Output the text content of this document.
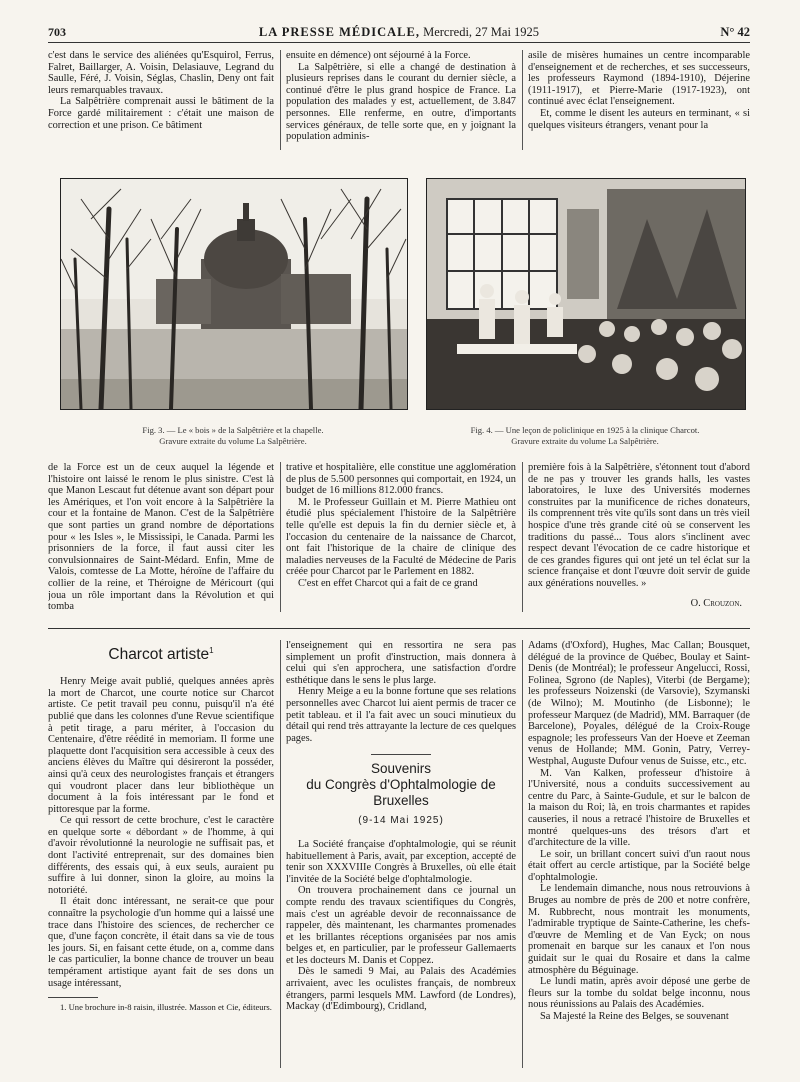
703	LA PRESSE MÉDICALE, Mercredi, 27 Mai 1925	N° 42

c'est dans le service des aliénées qu'Esquirol, Ferrus, Falret, Baillarger, A. Voisin, Delasiauve, Legrand du Saulle, Féré, J. Voisin, Séglas, Chaslin, Deny ont fait leurs remarquables travaux.

La Salpêtrière comprenait aussi le bâtiment de la Force gardé militairement : c'était une maison de correction et une prison. Ce bâtiment

ensuite en démence) ont séjourné à la Force.

La Salpêtrière, si elle a changé de destination à plusieurs reprises dans le courant du dernier siècle, a continué d'être le plus grand hospice de France. La population des malades y est, actuellement, de 3.847 personnes. Elle renferme, en outre, d'importants services généraux, de telle sorte que, en y joignant la population adminis-

asile de misères humaines un centre incomparable d'enseignement et de recherches, et ses successeurs, les professeurs Raymond (1894-1910), Déjerine (1911-1917), et Pierre-Marie (1917-1923), ont continué avec éclat l'enseignement.

Et, comme le disent les auteurs en terminant, « si quelques visiteurs étrangers, venant pour la

Fig. 3. — Le « bois » de la Salpêtrière et la chapelle.
Gravure extraite du volume La Salpêtrière.
Fig. 4. — Une leçon de policlinique en 1925 à la clinique Charcot.
Gravure extraite du volume La Salpêtrière.

de la Force est un de ceux auquel la légende et l'histoire ont laissé le renom le plus sinistre. C'est là que Manon Lescaut fut détenue avant son départ pour les Amériques, et l'on voit encore à la Salpêtrière la cour et la fontaine de Manon. C'est de la Salpêtrière que sont parties un grand nombre de déportations pour « les Isles », le Mississipi, le Canada. Parmi les prisonniers de la force, il faut aussi citer les convulsionnaires de Saint-Médard. Enfin, Mme de Valois, comtesse de La Motte, héroïne de l'affaire du collier de la reine, et Théroigne de Méricourt (qui joua un rôle important dans la Révolution et qui tomba

trative et hospitalière, elle constitue une agglomération de plus de 5.500 personnes qui comportait, en 1924, un budget de 16 millions 812.000 francs.

M. le Professeur Guillain et M. Pierre Mathieu ont étudié plus spécialement l'histoire de la Salpêtrière telle qu'elle est depuis la fin du dernier siècle et, à l'occasion du centenaire de la naissance de Charcot, ont fait l'historique de la chaire de clinique des maladies nerveuses de la Faculté de Médecine de Paris créée pour Charcot par le Parlement en 1882.

C'est en effet Charcot qui a fait de ce grand

première fois à la Salpêtrière, s'étonnent tout d'abord de ne pas y trouver les grands halls, les vastes laboratoires, le luxe des Universités modernes construites par la munificence de riches donateurs, ils comprennent très vite qu'ils sont dans un très vieil hospice d'une très grande cité où se conservent les traditions du passé... Tous alors s'inclinent avec respect devant l'évocation de ce cadre historique et de ces grandes figures qui ont jeté un tel éclat sur la science française et dont l'œuvre doit servir de guide aux générations nouvelles. »

O. Crouzon.
Charcot artiste$^1$

Henry Meige avait publié, quelques années après la mort de Charcot, une courte notice sur Charcot artiste. Ce petit travail peu connu, puisqu'il n'a été publié que dans les colonnes d'une Revue scientifique à petit tirage, a paru mériter, à l'occasion du Centenaire, d'être réédité in memoriam. Il forme une plaquette dont l'acquisition sera accessible à ceux des anciens élèves du Maître qui désireront la posséder, ainsi qu'à ceux des neurologistes français et étrangers qui voudront placer dans leur bibliothèque un document à la fois intéressant par le fond et pittoresque par la forme.

Ce qui ressort de cette brochure, c'est le caractère en quelque sorte « débordant » de l'homme, à qui d'avoir révolutionné la neurologie ne suffisait pas, et dont l'activité entreprenait, sur des domaines bien différents, des essais qui, à eux seuls, auraient pu suffire à lui donner, sinon la gloire, au moins la notoriété.

Il était donc intéressant, ne serait-ce que pour connaître la psychologie d'un homme qui a laissé une trace dans l'histoire des sciences, de rechercher ce que, d'une façon concrète, il était dans sa vie de tous les jours. Si, en faisant cette étude, on a, comme dans le cas particulier, la bonne chance de trouver un beau tempérament artistique ayant fait de ses dons un usage intéressant,

1. Une brochure in-8 raisin, illustrée. Masson et Cie, éditeurs.

l'enseignement qui en ressortira ne sera pas simplement un profit d'instruction, mais donnera à celui qui s'en approchera, une satisfaction d'ordre esthétique dans le sens le plus large.

Henry Meige a eu la bonne fortune que ses relations personnelles avec Charcot lui aient permis de tracer ce petit tableau. et il l'a fait avec un souci minutieux du détail qui rend très attrayante la lecture de ces quelques pages.

Souvenirs
du Congrès d'Ophtalmologie de Bruxelles
(9-14 Mai 1925)

La Société française d'ophtalmologie, qui se réunit habituellement à Paris, avait, par exception, accepté de tenir son XXXVIIIe Congrès à Bruxelles, où elle était l'invitée de la Société belge d'ophtalmologie.

On trouvera prochainement dans ce journal un compte rendu des travaux scientifiques du Congrès, mais c'est un agréable devoir de reconnaissance de rappeler, dès maintenant, les charmantes promenades et les brillantes réceptions organisées par nos amis belges et, en particulier, par le professeur Gallemaerts et les docteurs M. Danis et Coppez.

Dès le samedi 9 Mai, au Palais des Académies arrivaient, avec les oculistes français, de nombreux étrangers, parmi lesquels MM. Lawford (de Londres), Mackay (d'Edimbourg), Cridland,

Adams (d'Oxford), Hughes, Mac Callan; Bousquet, délégué de la province de Québec, Boulay et Saint-Denis (de Montréal); le professeur Angelucci, Rossi, Folinea, Sgrono (de Naples), Viterbi (de Bergame); les professeurs Noizenski (de Varsovie), Szymanski (de Wilno); M. Moutinho (de Lisbonne); le professeur Marquez (de Madrid), MM. Barraquer (de Barcelone), Poyales, délégué de la Croix-Rouge espagnole; les professeurs Van der Hoeve et Zeeman venus de Hollande; MM. Gonin, Patry, Verrey-Westphal, Auguste Dufour venus de Suisse, etc., etc.

M. Van Kalken, professeur d'histoire à l'Université, nous a conduits successivement au centre du Parc, à Sainte-Gudule, et sur le balcon de la maison du Roi; là, en trois charmantes et rapides causeries, il nous a retracé l'histoire de Bruxelles et montré quelques-uns des trésors d'art et d'architecture de la ville.

Le soir, un brillant concert suivi d'un raout nous était offert au cercle artistique, par la Société belge d'ophtalmologie.

Le lendemain dimanche, nous nous retrouvions à Bruges au nombre de près de 200 et notre confrère, M. Rubbrecht, nous montrait les monuments, l'admirable tryptique de Sainte-Catherine, les chefs-d'œuvre de Memling et de Van Eyck; on nous promenait en barque sur les canaux et l'on nous guidait sur le quai du Rosaire et dans la calme atmosphère du Béguinage.

Le lundi matin, après avoir déposé une gerbe de fleurs sur la tombe du soldat belge inconnu, nous nous réunissions au Palais des Académies.

Sa Majesté la Reine des Belges, se souvenant
